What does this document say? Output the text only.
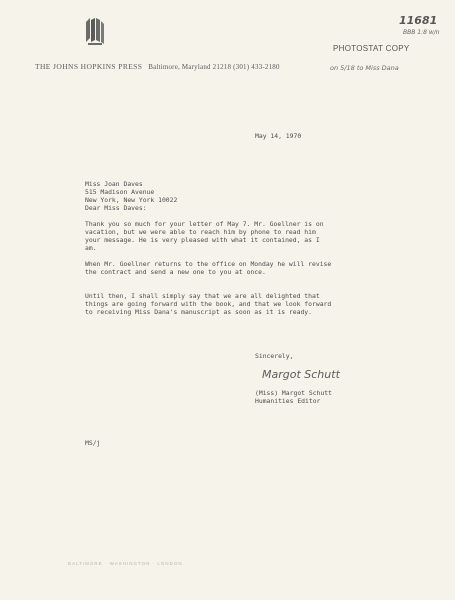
THE JOHNS HOPKINS PRESS Baltimore, Maryland 21218 (301) 433-2180
11681
BBB 1:8 w/n
PHOTOSTAT COPY
on 5/18 to Miss Dana
May 14, 1970
Miss Joan Daves
515 Madison Avenue
New York, New York 10022
Dear Miss Daves:
Thank you so much for your letter of May 7. Mr. Goellner is on
vacation, but we were able to reach him by phone to read him
your message. He is very pleased with what it contained, as I
am.
When Mr. Goellner returns to the office on Monday he will revise
the contract and send a new one to you at once.
Until then, I shall simply say that we are all delighted that
things are going forward with the book, and that we look forward
to receiving Miss Dana's manuscript as soon as it is ready.
Sincerely,
Margot Schutt
(Miss) Margot Schutt
Humanities Editor
MS/j
BALTIMORE · WASHINGTON · LONDON
